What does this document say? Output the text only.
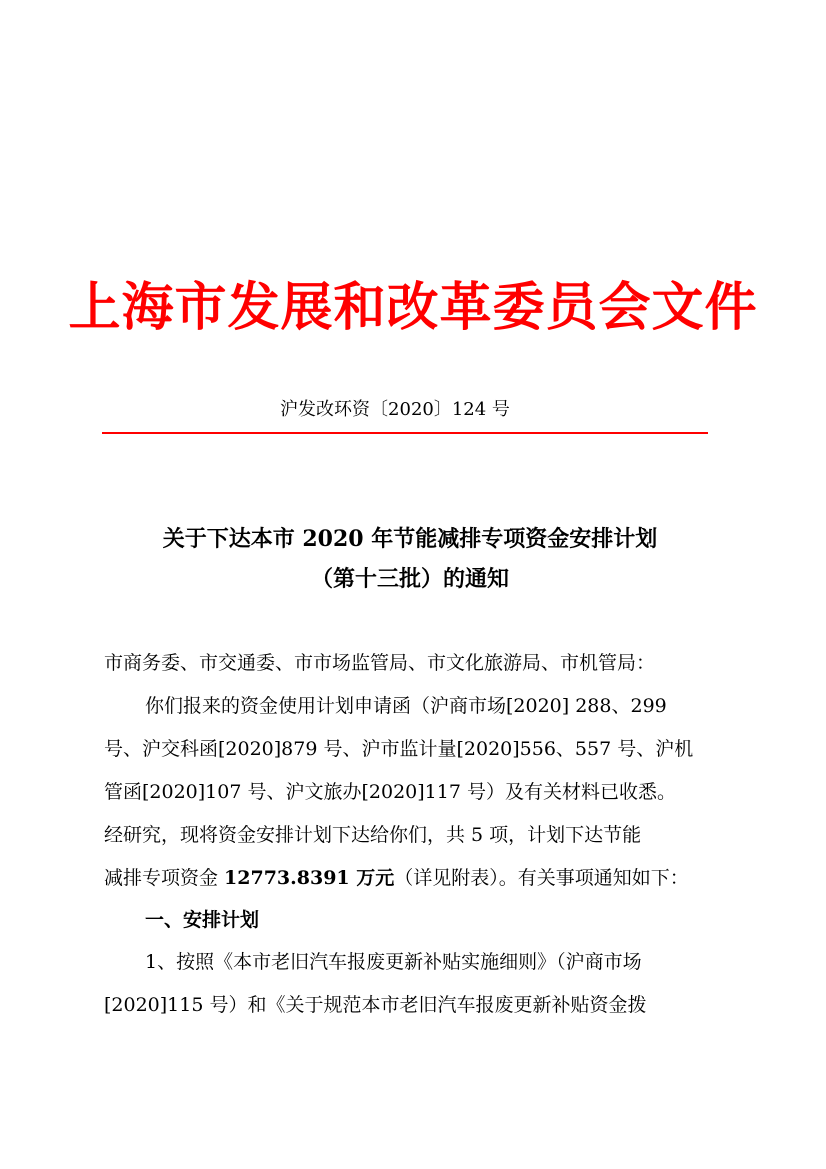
上海市发展和改革委员会文件
沪发改环资〔2020〕124 号
关于下达本市 2020 年节能减排专项资金安排计划
（第十三批）的通知
市商务委、市交通委、市市场监管局、市文化旅游局、市机管局：
你们报来的资金使用计划申请函（沪商市场[2020] 288、299
号、沪交科函[2020]879 号、沪市监计量[2020]556、557 号、沪机
管函[2020]107 号、沪文旅办[2020]117 号）及有关材料已收悉。
经研究，现将资金安排计划下达给你们，共 5 项，计划下达节能
减排专项资金 12773.8391 万元（详见附表）。有关事项通知如下：
一、安排计划
1、按照《本市老旧汽车报废更新补贴实施细则》（沪商市场
[2020]115 号）和《关于规范本市老旧汽车报废更新补贴资金拨
